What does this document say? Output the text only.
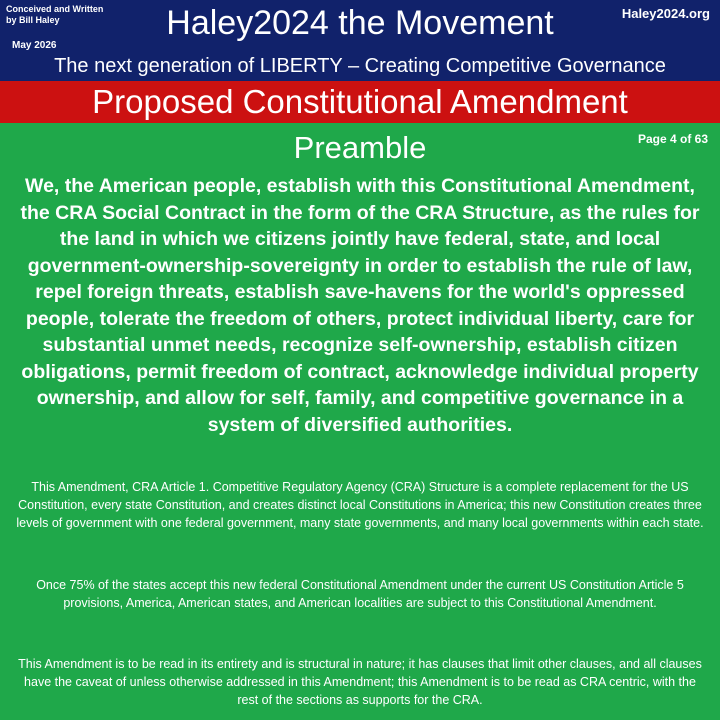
Conceived and Written
by Bill Haley
May 2026
Haley2024 the Movement	Haley2024.org
The next generation of LIBERTY – Creating Competitive Governance
Proposed Constitutional Amendment
Preamble	Page 4 of 63
We, the American people, establish with this Constitutional Amendment, the CRA Social Contract in the form of the CRA Structure, as the rules for the land in which we citizens jointly have federal, state, and local government-ownership-sovereignty in order to establish the rule of law, repel foreign threats, establish save-havens for the world's oppressed people, tolerate the freedom of others, protect individual liberty, care for substantial unmet needs, recognize self-ownership, establish citizen obligations, permit freedom of contract, acknowledge individual property ownership, and allow for self, family, and competitive governance in a system of diversified authorities.
This Amendment, CRA Article 1. Competitive Regulatory Agency (CRA) Structure is a complete replacement for the US Constitution, every state Constitution, and creates distinct local Constitutions in America; this new Constitution creates three levels of government with one federal government, many state governments, and many local governments within each state.
Once 75% of the states accept this new federal Constitutional Amendment under the current US Constitution Article 5 provisions, America, American states, and American localities are subject to this Constitutional Amendment.
This Amendment is to be read in its entirety and is structural in nature; it has clauses that limit other clauses, and all clauses have the caveat of unless otherwise addressed in this Amendment; this Amendment is to be read as CRA centric, with the rest of the sections as supports for the CRA.
